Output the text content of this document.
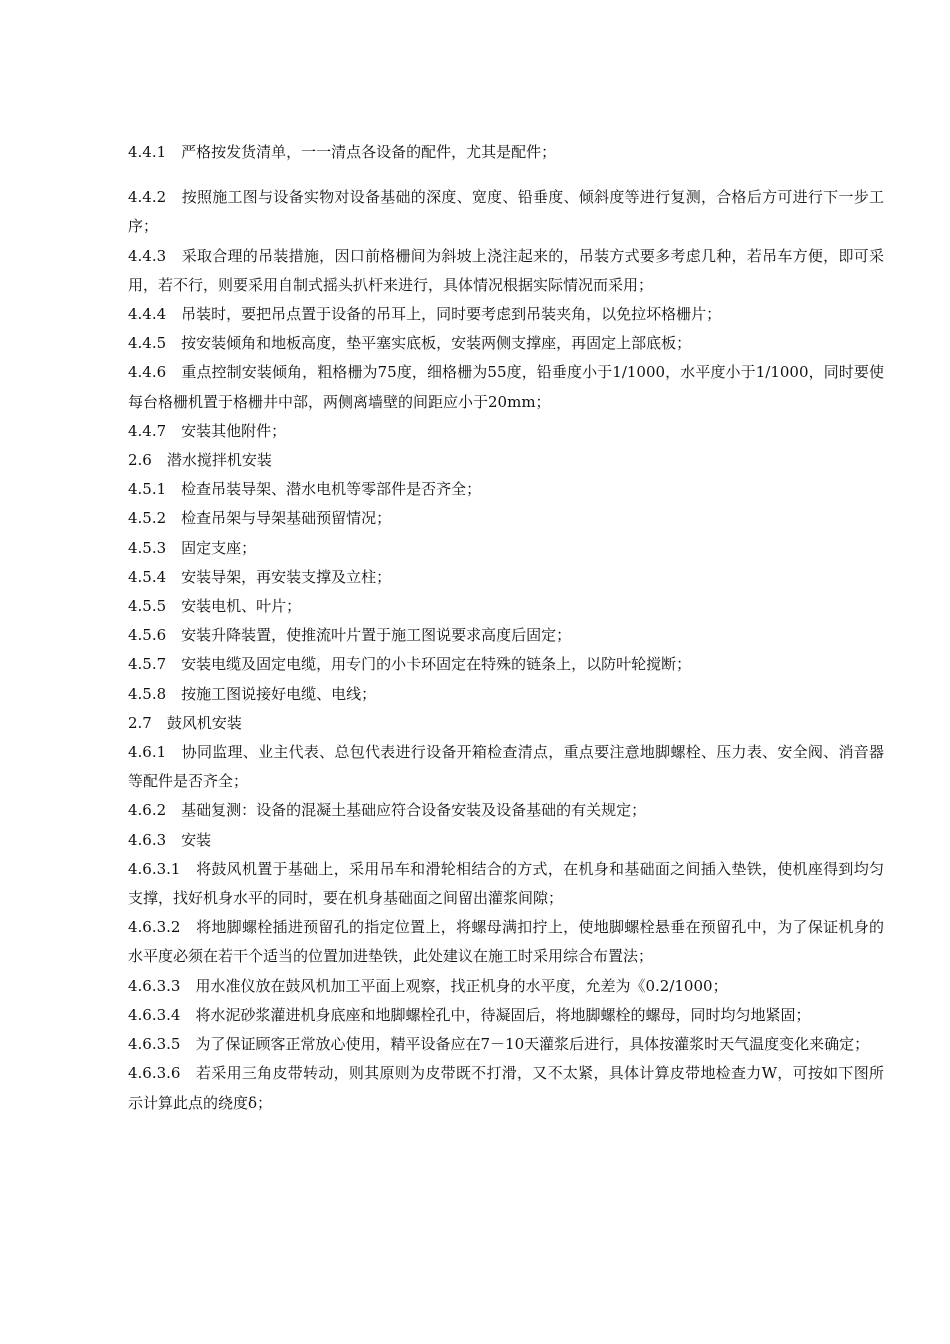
4.4.1　严格按发货清单，一一清点各设备的配件，尤其是配件；

4.4.2　按照施工图与设备实物对设备基础的深度、宽度、铅垂度、倾斜度等进行复测，合格后方可进行下一步工序；

4.4.3　采取合理的吊装措施，因口前格栅间为斜坡上浇注起来的，吊装方式要多考虑几种，若吊车方便，即可采用，若不行，则要采用自制式摇头扒杆来进行，具体情况根据实际情况而采用；

4.4.4　吊装时，要把吊点置于设备的吊耳上，同时要考虑到吊装夹角，以免拉坏格栅片；

4.4.5　按安装倾角和地板高度，垫平塞实底板，安装两侧支撑座，再固定上部底板；

4.4.6　重点控制安装倾角，粗格栅为75度，细格栅为55度，铅垂度小于1/1000，水平度小于1/1000，同时要使每台格栅机置于格栅井中部，两侧离墙壁的间距应小于20mm；

4.4.7　安装其他附件；

2.6　潜水搅拌机安装

4.5.1　检查吊装导架、潜水电机等零部件是否齐全；

4.5.2　检查吊架与导架基础预留情况；

4.5.3　固定支座；

4.5.4　安装导架，再安装支撑及立柱；

4.5.5　安装电机、叶片；

4.5.6　安装升降装置，使推流叶片置于施工图说要求高度后固定；

4.5.7　安装电缆及固定电缆，用专门的小卡环固定在特殊的链条上，以防叶轮搅断；

4.5.8　按施工图说接好电缆、电线；

2.7　鼓风机安装

4.6.1　协同监理、业主代表、总包代表进行设备开箱检查清点，重点要注意地脚螺栓、压力表、安全阀、消音器等配件是否齐全；

4.6.2　基础复测：设备的混凝土基础应符合设备安装及设备基础的有关规定；

4.6.3　安装

4.6.3.1　将鼓风机置于基础上，采用吊车和滑轮相结合的方式，在机身和基础面之间插入垫铁，使机座得到均匀支撑，找好机身水平的同时，要在机身基础面之间留出灌浆间隙；

4.6.3.2　将地脚螺栓插进预留孔的指定位置上，将螺母满扣拧上，使地脚螺栓悬垂在预留孔中，为了保证机身的水平度必须在若干个适当的位置加进垫铁，此处建议在施工时采用综合布置法；

4.6.3.3　用水准仪放在鼓风机加工平面上观察，找正机身的水平度，允差为《0.2/1000；

4.6.3.4　将水泥砂浆灌进机身底座和地脚螺栓孔中，待凝固后，将地脚螺栓的螺母，同时均匀地紧固；

4.6.3.5　为了保证顾客正常放心使用，精平设备应在7－10天灌浆后进行，具体按灌浆时天气温度变化来确定；

4.6.3.6　若采用三角皮带转动，则其原则为皮带既不打滑，又不太紧，具体计算皮带地检查力W，可按如下图所示计算此点的绕度δ；
